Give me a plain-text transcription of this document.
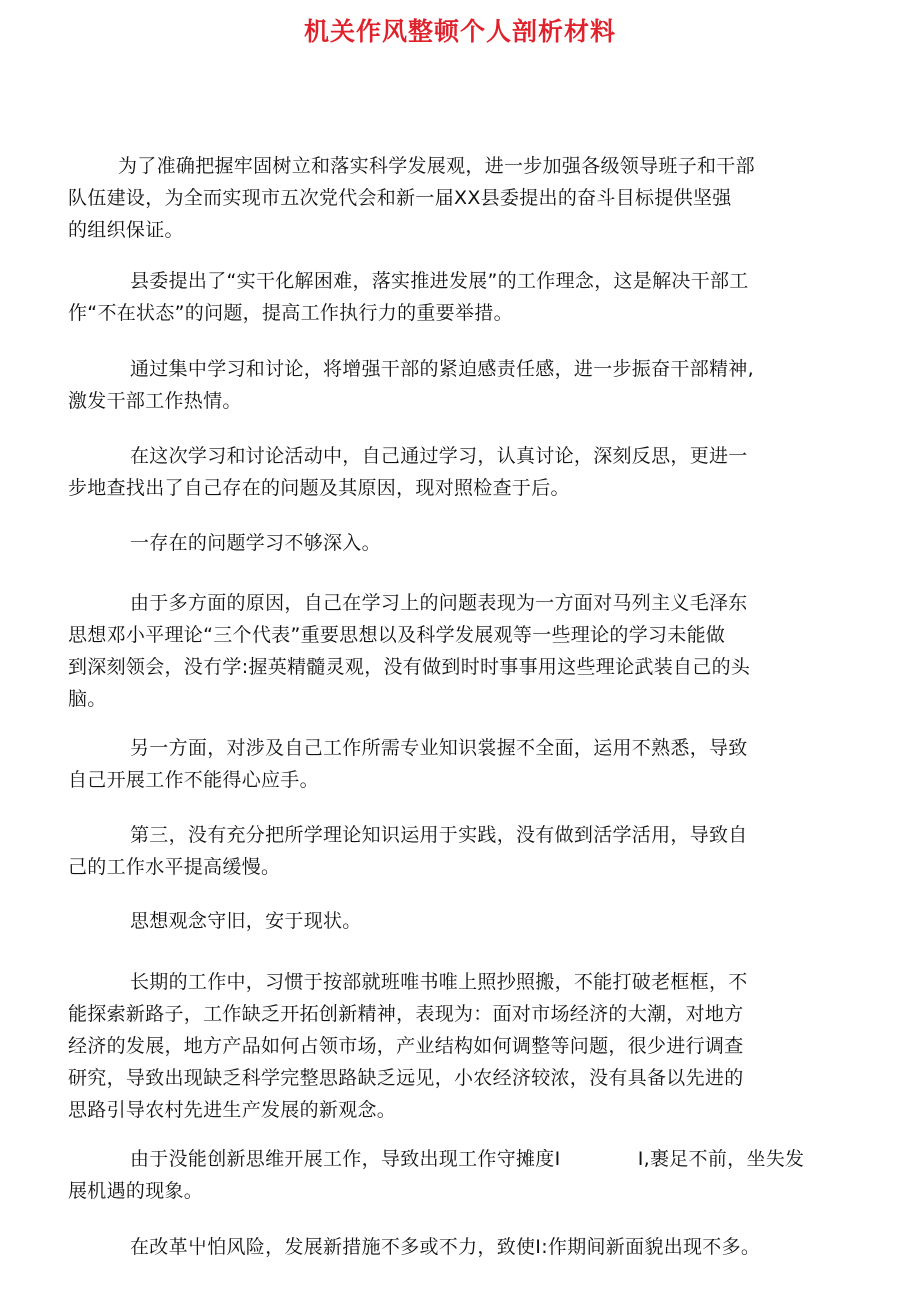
机关作风整顿个人剖析材料
为了准确把握牢固树立和落实科学发展观，进一步加强各级领导班子和干部
队伍建设，为全而实现市五次党代会和新一届XX县委提出的奋斗目标提供坚强
的组织保证。
县委提出了“实干化解困难，落实推进发展”的工作理念，这是解决干部工
作“不在状态”的问题，提高工作执行力的重要举措。
通过集中学习和讨论，将增强干部的紧迫感责任感，进一步振奋干部精神,
激发干部工作热情。
在这次学习和讨论活动中，自己通过学习，认真讨论，深刻反思，更进一
步地查找出了自己存在的问题及其原因，现对照检查于后。
一存在的问题学习不够深入。
由于多方面的原因，自己在学习上的问题表现为一方面对马列主义毛泽东
思想邓小平理论“三个代表”重要思想以及科学发展观等一些理论的学习未能做
到深刻领会，没冇学:握英精髓灵观，没有做到时时事事用这些理论武装自己的头
脑。
另一方面，对涉及自己工作所需专业知识裳握不全面，运用不熟悉，导致
自己开展工作不能得心应手。
第三，没有充分把所学理论知识运用于实践，没有做到活学活用，导致自
己的工作水平提高缓慢。
思想观念守旧，安于现状。
长期的工作中，习惯于按部就班唯书唯上照抄照搬，不能打破老框框，不
能探索新路子，工作缺乏开拓创新精神，表现为：面对市场经济的大潮，对地方
经济的发展，地方产品如何占领市场，产业结构如何调整等问题，很少进行调查
研究，导致出现缺乏科学完整思路缺乏远见，小农经济较浓，没有具备以先进的
思路引导农村先进生产发展的新观念。
由于没能创新思维开展工作，导致出现工作守摊度I　　　　I,裹足不前，坐失发
展机遇的现象。
在改革屮怕风险，发展新措施不多或不力，致使I:作期间新面貌出现不多。
